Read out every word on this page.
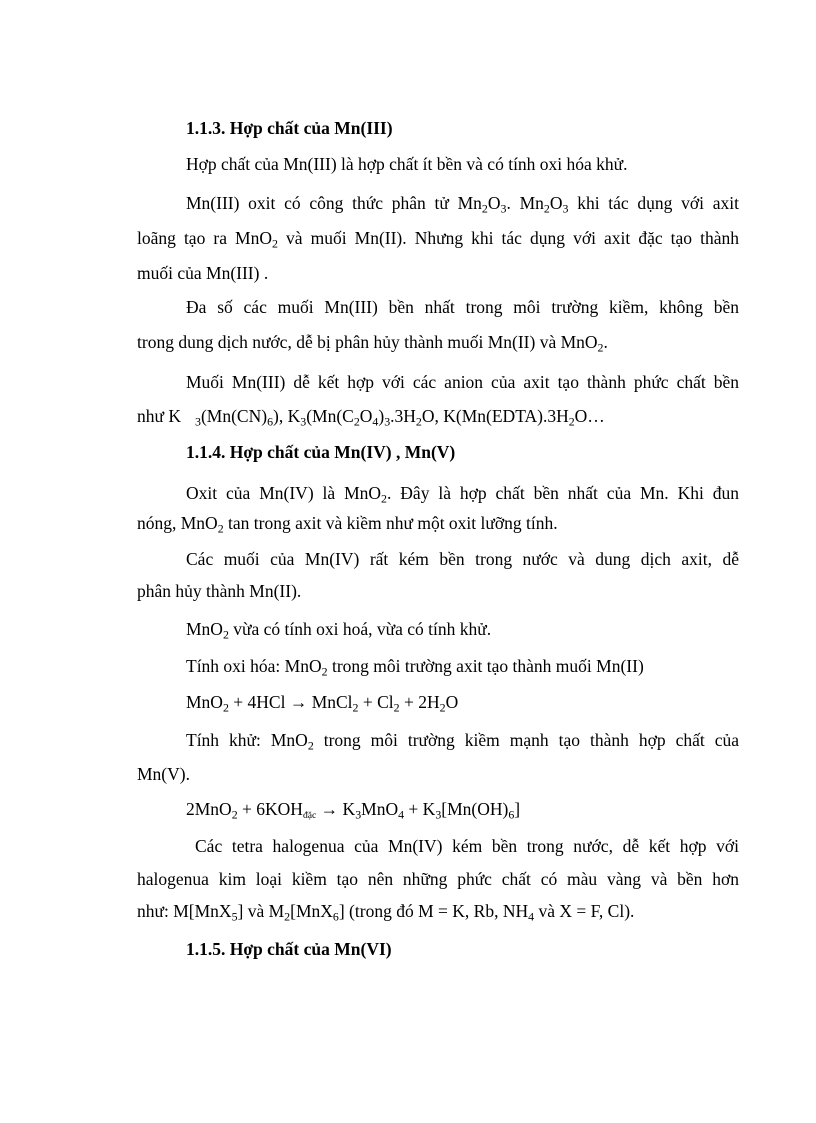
1.1.3. Hợp chất của Mn(III)
Hợp chất của Mn(III) là hợp chất ít bền và có tính oxi hóa khử.
Mn(III) oxit có công thức phân tử $Mn_2O_3$. $Mn_2O_3$ khi tác dụng với axit
loãng tạo ra MnO$_2$ và muối Mn(II). Nhưng khi tác dụng với axit đặc tạo thành
muối của Mn(III) .
Đa số các muối Mn(III) bền nhất trong môi trường kiềm, không bền
trong dung dịch nước, dễ bị phân hủy thành muối Mn(II) và MnO$_2$.
Muối Mn(III) dễ kết hợp với các anion của axit tạo thành phức chất bền
như K $_3(Mn(CN)_6)$, $K_3(Mn(C_2O_4)_3.3H_2O$, $K(Mn(EDTA).3H_2O\dots$
1.1.4. Hợp chất của Mn(IV) , Mn(V)
Oxit của Mn(IV) là MnO$_2$. Đây là hợp chất bền nhất của Mn. Khi đun
nóng, MnO$_2$ tan trong axit và kiềm như một oxit lưỡng tính.
Các muối của Mn(IV) rất kém bền trong nước và dung dịch axit, dễ
phân hủy thành Mn(II).
MnO$_2$ vừa có tính oxi hoá, vừa có tính khử.
Tính oxi hóa: MnO$_2$ trong môi trường axit tạo thành muối Mn(II)
MnO$_2$ + 4HCl → MnCl$_2$ + $Cl_2 + 2H_2O$
Tính khử: MnO$_2$ trong môi trường kiềm mạnh tạo thành hợp chất của
Mn(V).
$2MnO_2 + 6KOH_{đặc} \to K_3MnO_4 + K_3[Mn(OH)_6]$
Các tetra halogenua của Mn(IV) kém bền trong nước, dễ kết hợp với
halogenua kim loại kiềm tạo nên những phức chất có màu vàng và bền hơn
như: M[MnX$_5$] và $M_2[MnX_6]$ (trong đó M = K, Rb, $NH_4$ và X = F, Cl).
1.1.5. Hợp chất của Mn(VI)
